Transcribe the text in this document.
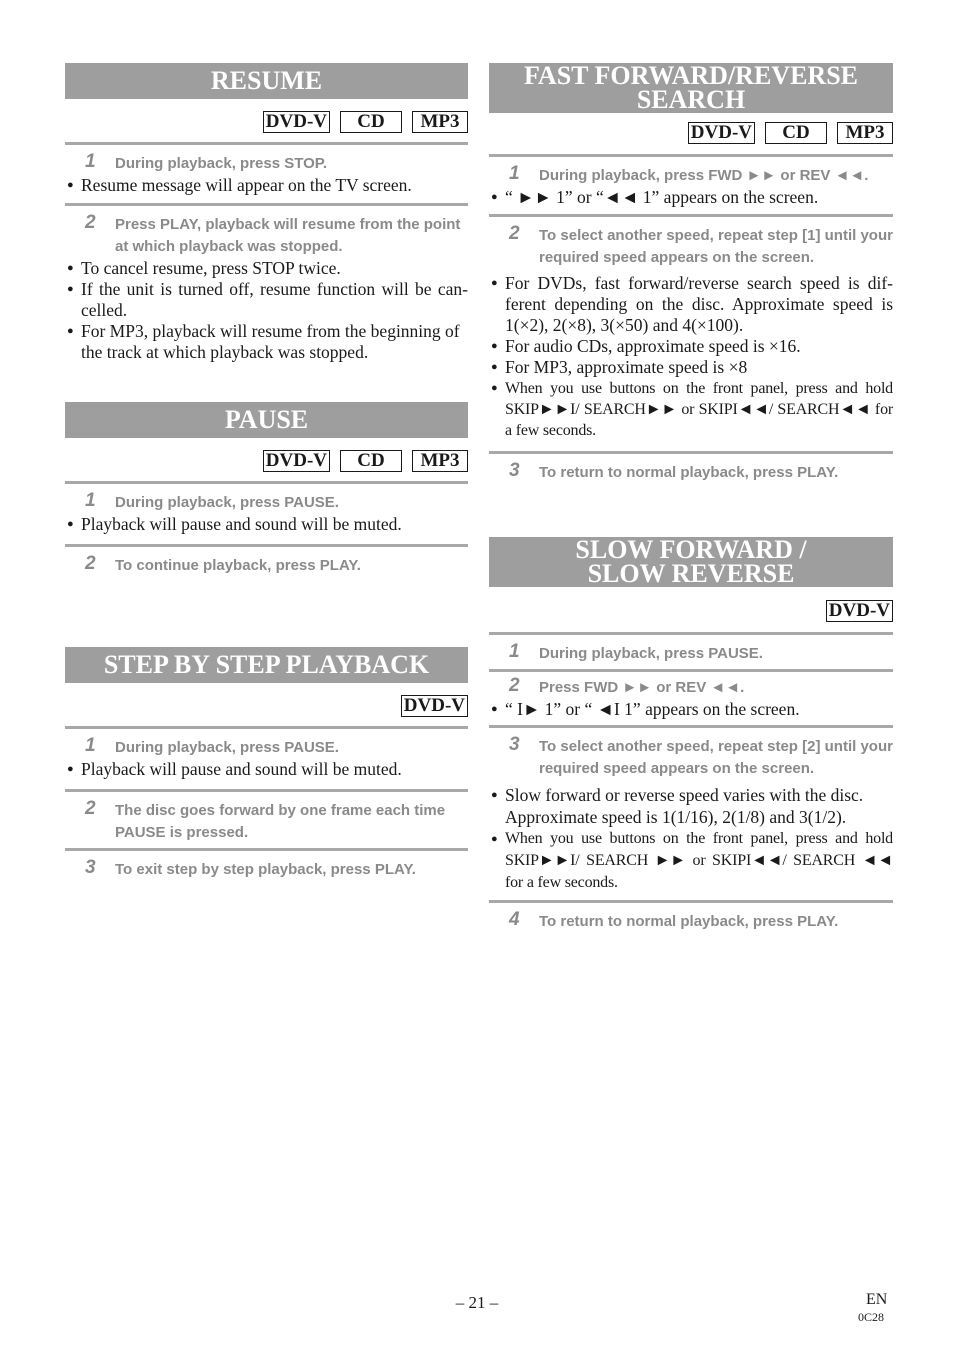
RESUME
DVD-V	CD	MP3
1 During playback, press STOP.
● Resume message will appear on the TV screen.
2 Press PLAY, playback will resume from the point at which playback was stopped.
● To cancel resume, press STOP twice.
● If the unit is turned off, resume function will be can-celled.
● For MP3, playback will resume from the beginning of the track at which playback was stopped.
PAUSE
DVD-V	CD	MP3
1 During playback, press PAUSE.
● Playback will pause and sound will be muted.
2 To continue playback, press PLAY.
STEP BY STEP PLAYBACK
DVD-V
1 During playback, press PAUSE.
● Playback will pause and sound will be muted.
2 The disc goes forward by one frame each time PAUSE is pressed.
3 To exit step by step playback, press PLAY.
FAST FORWARD/REVERSE
SEARCH
DVD-V	CD	MP3
1 During playback, press FWD ►► or REV ◄◄.
● “ ►► 1” or “◄◄ 1” appears on the screen.
2 To select another speed, repeat step [1] until your required speed appears on the screen.
● For DVDs, fast forward/reverse search speed is dif-ferent depending on the disc. Approximate speed is 1(×2), 2(×8), 3(×50) and 4(×100).
● For audio CDs, approximate speed is ×16.
● For MP3, approximate speed is ×8
● When you use buttons on the front panel, press and hold SKIP►►I/ SEARCH►► or SKIPI◄◄/ SEARCH◄◄ for a few seconds.
3 To return to normal playback, press PLAY.
SLOW FORWARD /
SLOW REVERSE
DVD-V
1 During playback, press PAUSE.
2 Press FWD ►► or REV ◄◄.
● “ I► 1” or “ ◄I 1” appears on the screen.
3 To select another speed, repeat step [2] until your required speed appears on the screen.
● Slow forward or reverse speed varies with the disc. Approximate speed is 1(1/16), 2(1/8) and 3(1/2).
● When you use buttons on the front panel, press and hold SKIP►►I/ SEARCH ►► or SKIPI◄◄/ SEARCH ◄◄ for a few seconds.
4 To return to normal playback, press PLAY.
– 21 –	EN
0C28
